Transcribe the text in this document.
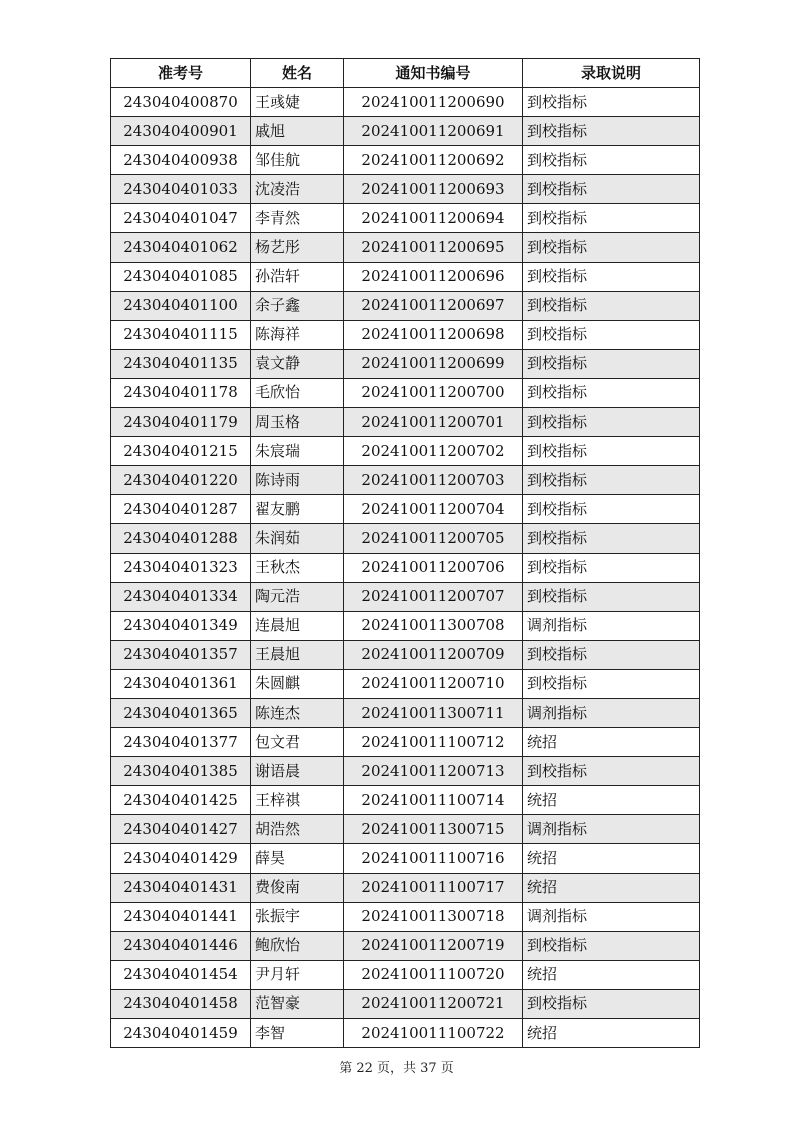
准考号	姓名	通知书编号	录取说明
243040400870	王彧婕	202410011200690	到校指标
243040400901	戚旭	202410011200691	到校指标
243040400938	邹佳航	202410011200692	到校指标
243040401033	沈凌浩	202410011200693	到校指标
243040401047	李青然	202410011200694	到校指标
243040401062	杨艺彤	202410011200695	到校指标
243040401085	孙浩轩	202410011200696	到校指标
243040401100	余子鑫	202410011200697	到校指标
243040401115	陈海祥	202410011200698	到校指标
243040401135	袁文静	202410011200699	到校指标
243040401178	毛欣怡	202410011200700	到校指标
243040401179	周玉格	202410011200701	到校指标
243040401215	朱宸瑞	202410011200702	到校指标
243040401220	陈诗雨	202410011200703	到校指标
243040401287	翟友鹏	202410011200704	到校指标
243040401288	朱润茹	202410011200705	到校指标
243040401323	王秋杰	202410011200706	到校指标
243040401334	陶元浩	202410011200707	到校指标
243040401349	连晨旭	202410011300708	调剂指标
243040401357	王晨旭	202410011200709	到校指标
243040401361	朱圆麒	202410011200710	到校指标
243040401365	陈连杰	202410011300711	调剂指标
243040401377	包文君	202410011100712	统招
243040401385	谢语晨	202410011200713	到校指标
243040401425	王梓祺	202410011100714	统招
243040401427	胡浩然	202410011300715	调剂指标
243040401429	薛昊	202410011100716	统招
243040401431	费俊南	202410011100717	统招
243040401441	张振宇	202410011300718	调剂指标
243040401446	鲍欣怡	202410011200719	到校指标
243040401454	尹月轩	202410011100720	统招
243040401458	范智豪	202410011200721	到校指标
243040401459	李智	202410011100722	统招
第 22 页，共 37 页
